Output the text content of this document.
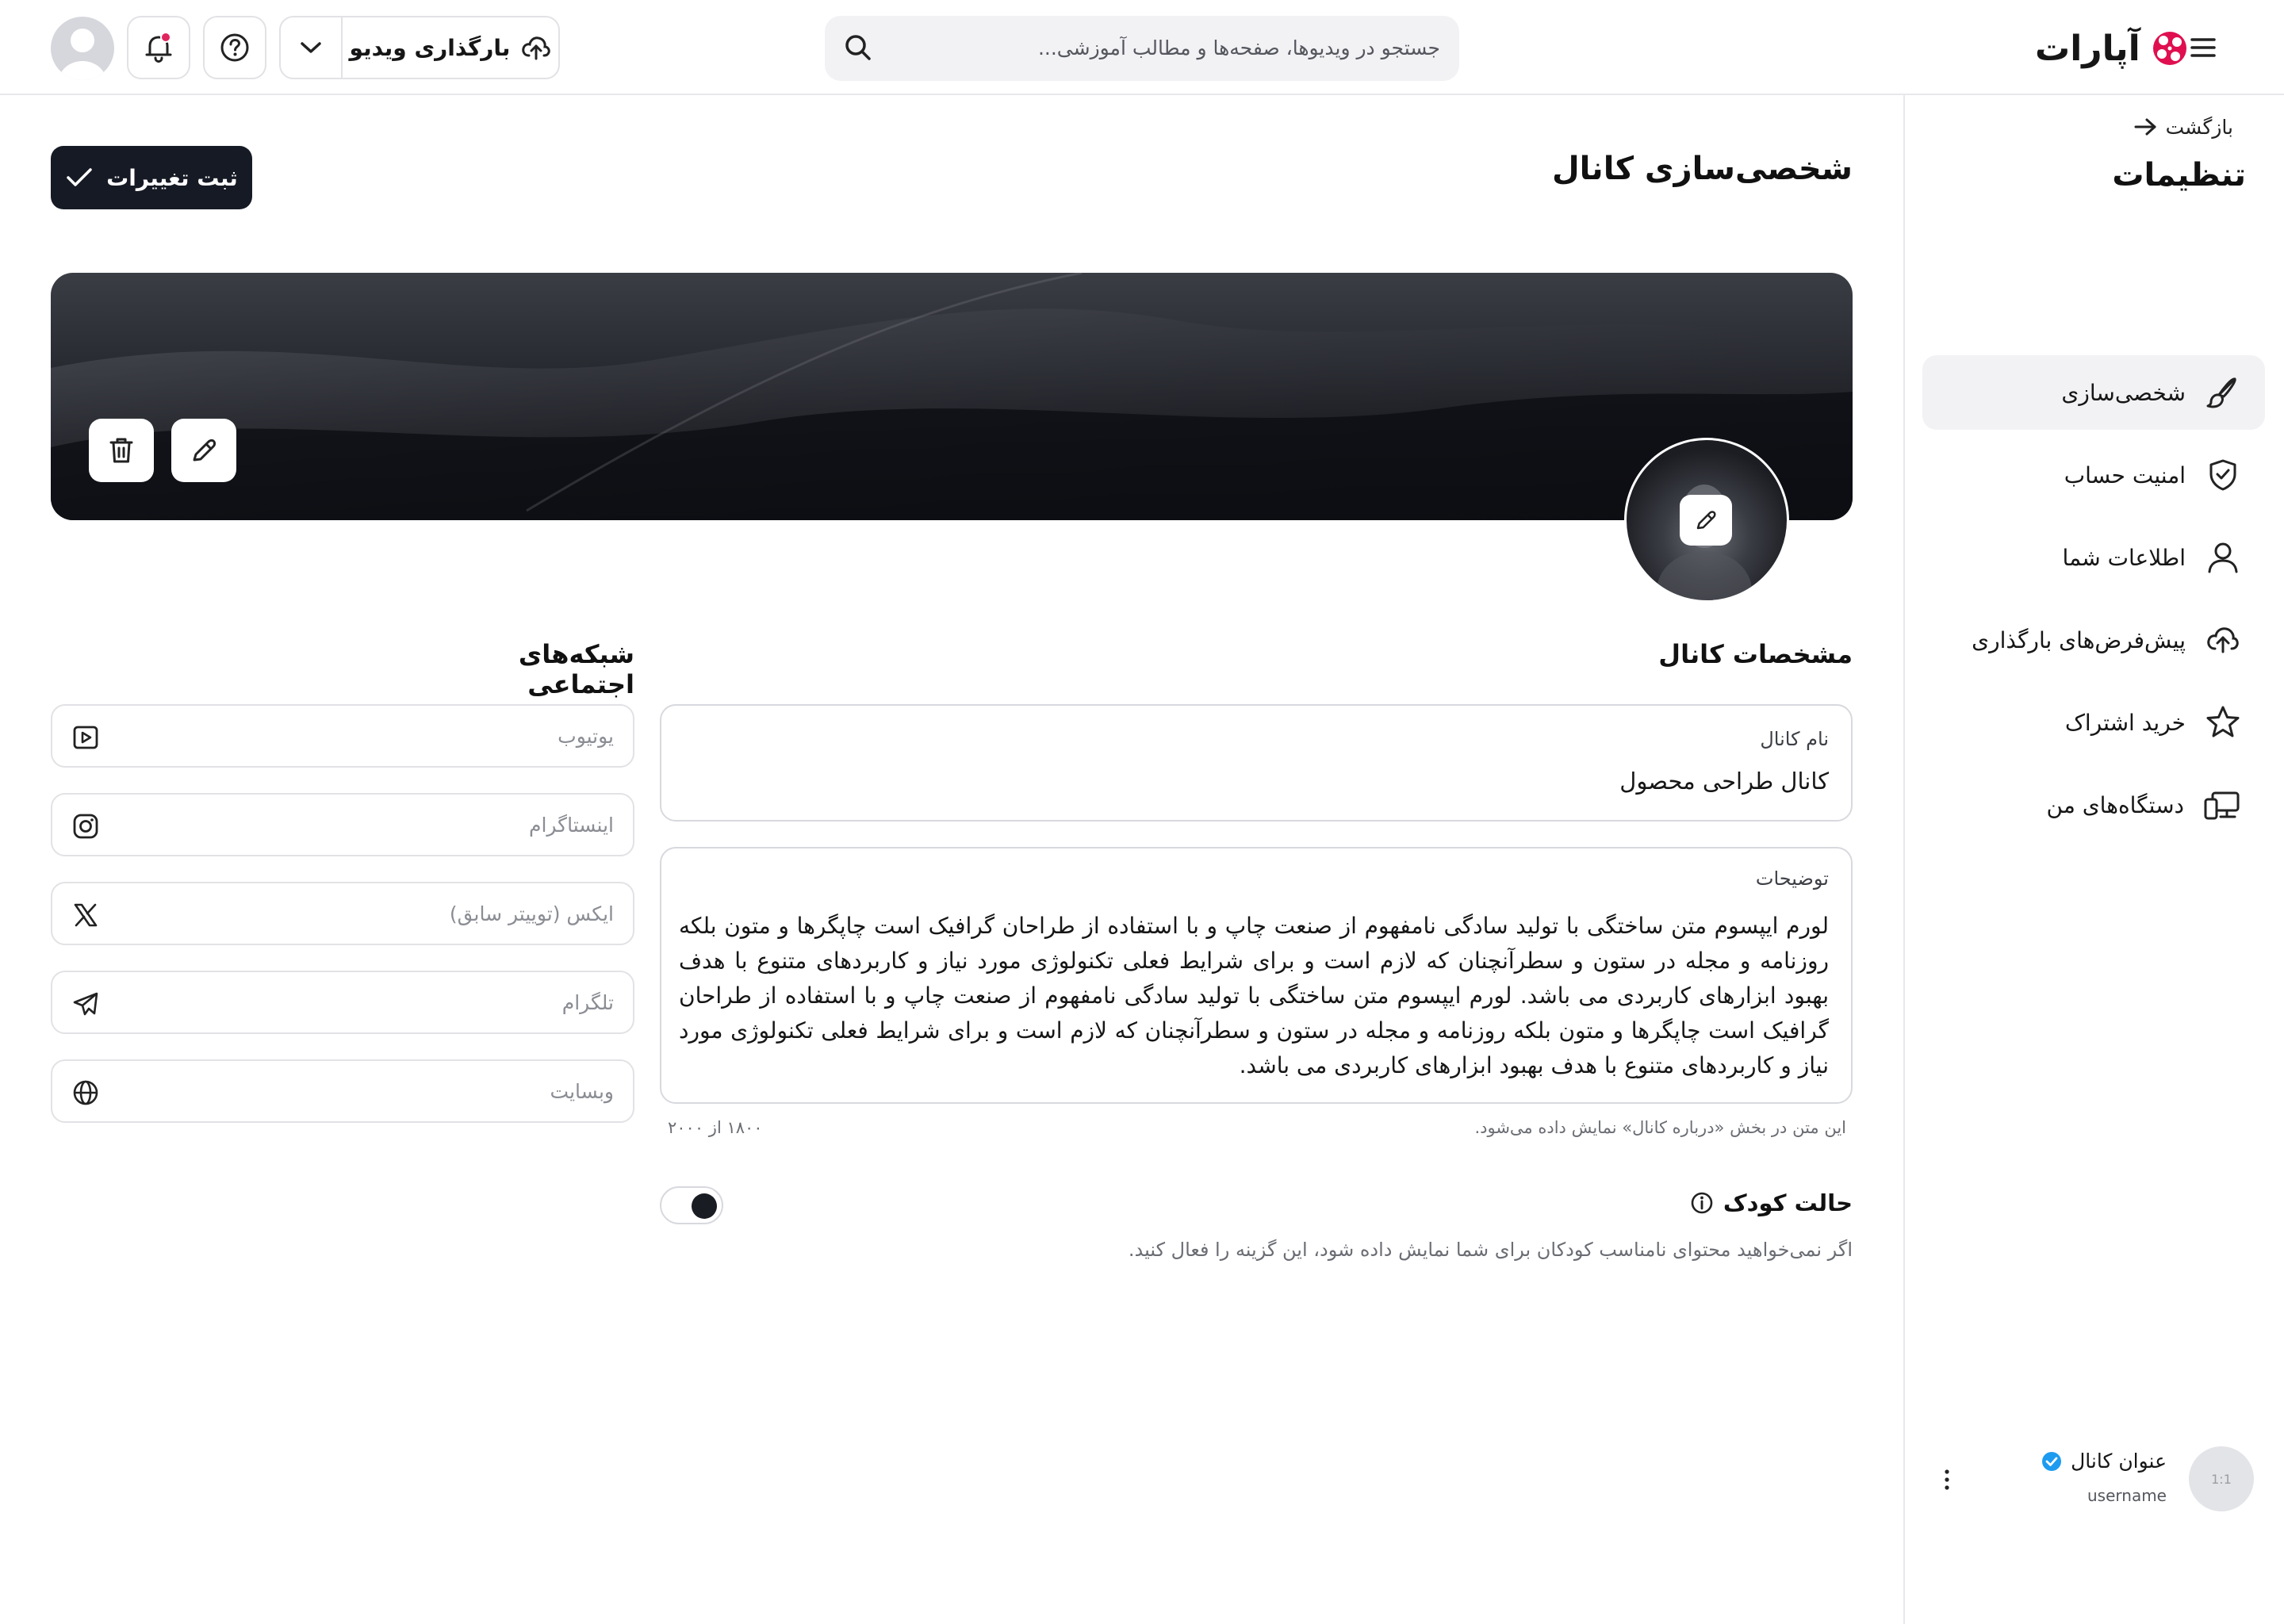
آپارات
جستجو در ویدیوها، صفحه‌ها و مطالب آموزشی...
بارگذاری ویدیو
بازگشت
تنظیمات
شخصی‌سازی
امنیت حساب
اطلاعات شما
پیش‌فرض‌های بارگذاری
خرید اشتراک
دستگاه‌های من
1:1
عنوان کانال
username
شخصی‌سازی کانال
ثبت تغییرات
مشخصات کانال
نام کانال
کانال طراحی محصول
توضیحات
لورم ایپسوم متن ساختگی با تولید سادگی نامفهوم از صنعت چاپ و با استفاده از طراحان گرافیک است چاپگرها و متون بلکه روزنامه و مجله در ستون و سطرآنچنان که لازم است و برای شرایط فعلی تکنولوژی مورد نیاز و کاربردهای متنوع با هدف بهبود ابزارهای کاربردی می باشد. لورم ایپسوم متن ساختگی با تولید سادگی نامفهوم از صنعت چاپ و با استفاده از طراحان گرافیک است چاپگرها و متون بلکه روزنامه و مجله در ستون و سطرآنچنان که لازم است و برای شرایط فعلی تکنولوژی مورد نیاز و کاربردهای متنوع با هدف بهبود ابزارهای کاربردی می باشد.
این متن در بخش «درباره کانال» نمایش داده می‌شود.
۱۸۰۰ از ۲۰۰۰
حالت کودک
اگر نمی‌خواهید محتوای نامناسب کودکان برای شما نمایش داده شود، این گزینه را فعال کنید.
شبکه‌های اجتماعی
یوتیوب
اینستاگرام
ایکس (توییتر سابق)
تلگرام
وبسایت
